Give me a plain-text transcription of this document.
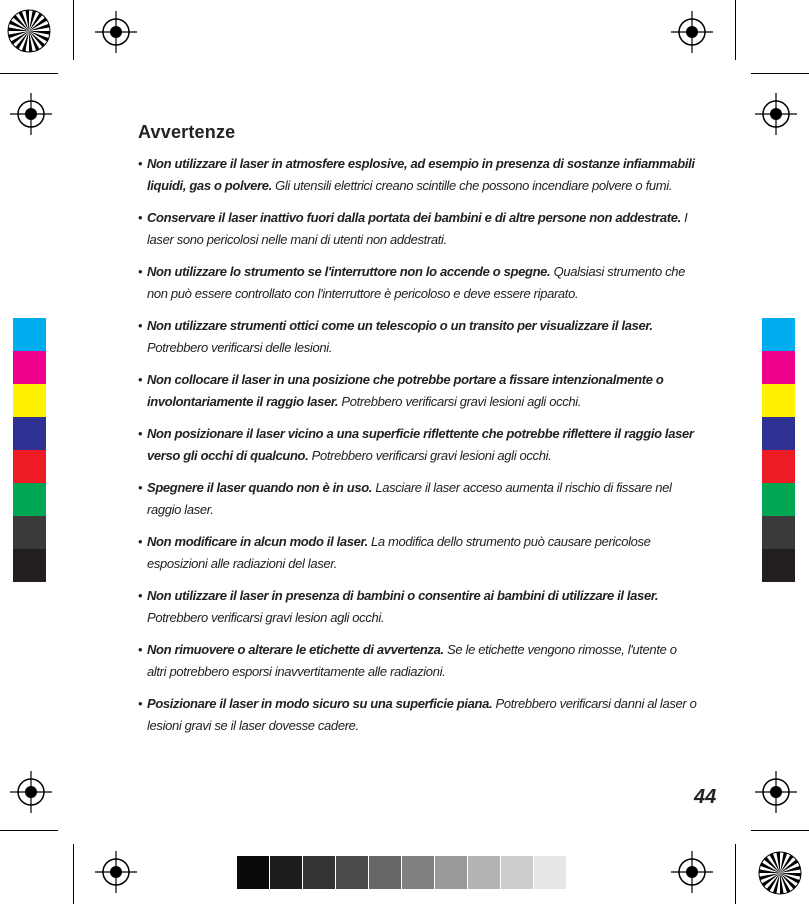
Avvertenze
• Non utilizzare il laser in atmosfere esplosive, ad esempio in presenza di sostanze infiammabili liquidi, gas o polvere. Gli utensili elettrici creano scintille che possono incendiare polvere o fumi.
• Conservare il laser inattivo fuori dalla portata dei bambini e di altre persone non addestrate. I laser sono pericolosi nelle mani di utenti non addestrati.
• Non utilizzare lo strumento se l'interruttore non lo accende o spegne. Qualsiasi strumento che non può essere controllato con l'interruttore è pericoloso e deve essere riparato.
• Non utilizzare strumenti ottici come un telescopio o un transito per visualizzare il laser. Potrebbero verificarsi delle lesioni.
• Non collocare il laser in una posizione che potrebbe portare a fissare intenzionalmente o involontariamente il raggio laser. Potrebbero verificarsi gravi lesioni agli occhi.
• Non posizionare il laser vicino a una superficie riflettente che potrebbe riflettere il raggio laser verso gli occhi di qualcuno. Potrebbero verificarsi gravi lesioni agli occhi.
• Spegnere il laser quando non è in uso. Lasciare il laser acceso aumenta il rischio di fissare nel raggio laser.
• Non modificare in alcun modo il laser. La modifica dello strumento può causare pericolose esposizioni alle radiazioni del laser.
• Non utilizzare il laser in presenza di bambini o consentire ai bambini di utilizzare il laser. Potrebbero verificarsi gravi lesion agli occhi.
• Non rimuovere o alterare le etichette di avvertenza. Se le etichette vengono rimosse, l'utente o altri potrebbero esporsi inavvertitamente alle radiazioni.
• Posizionare il laser in modo sicuro su una superficie piana. Potrebbero verificarsi danni al laser o lesioni gravi se il laser dovesse cadere.
44
